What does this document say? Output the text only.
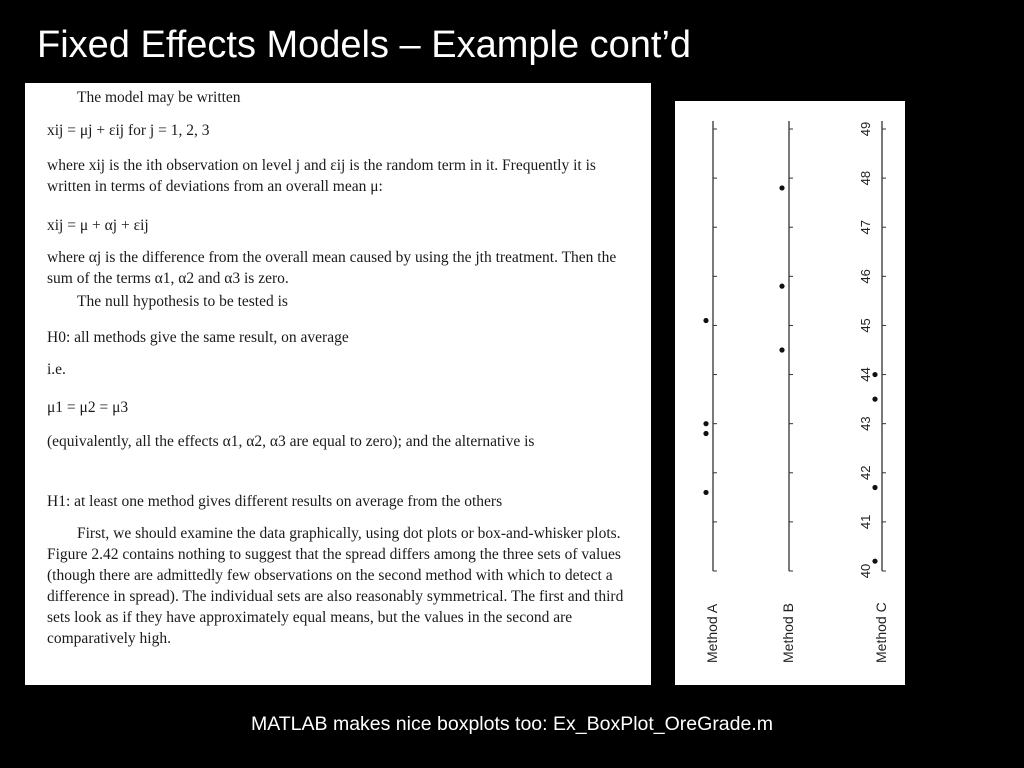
Fixed Effects Models – Example cont’d

The model may be written

xij = μj + εij for j = 1, 2, 3

where xij is the ith observation on level j and εij is the random term in it. Frequently it is written in terms of deviations from an overall mean μ:

xij = μ + αj + εij

where αj is the difference from the overall mean caused by using the jth treatment. Then the sum of the terms α1, α2 and α3 is zero.

The null hypothesis to be tested is

H0: all methods give the same result, on average

i.e.

μ1 = μ2 = μ3

(equivalently, all the effects α1, α2, α3 are equal to zero); and the alternative is

H1: at least one method gives different results on average from the others

First, we should examine the data graphically, using dot plots or box-and-whisker plots. Figure 2.42 contains nothing to suggest that the spread differs among the three sets of values (though there are admittedly few observations on the second method with which to detect a difference in spread). The individual sets are also reasonably symmetrical. The first and third sets look as if they have approximately equal means, but the values in the second are comparatively high.	Method A	Method B	Method C
40
41
42
43
44
45
46
47
48
49
MATLAB makes nice boxplots too: Ex_BoxPlot_OreGrade.m
